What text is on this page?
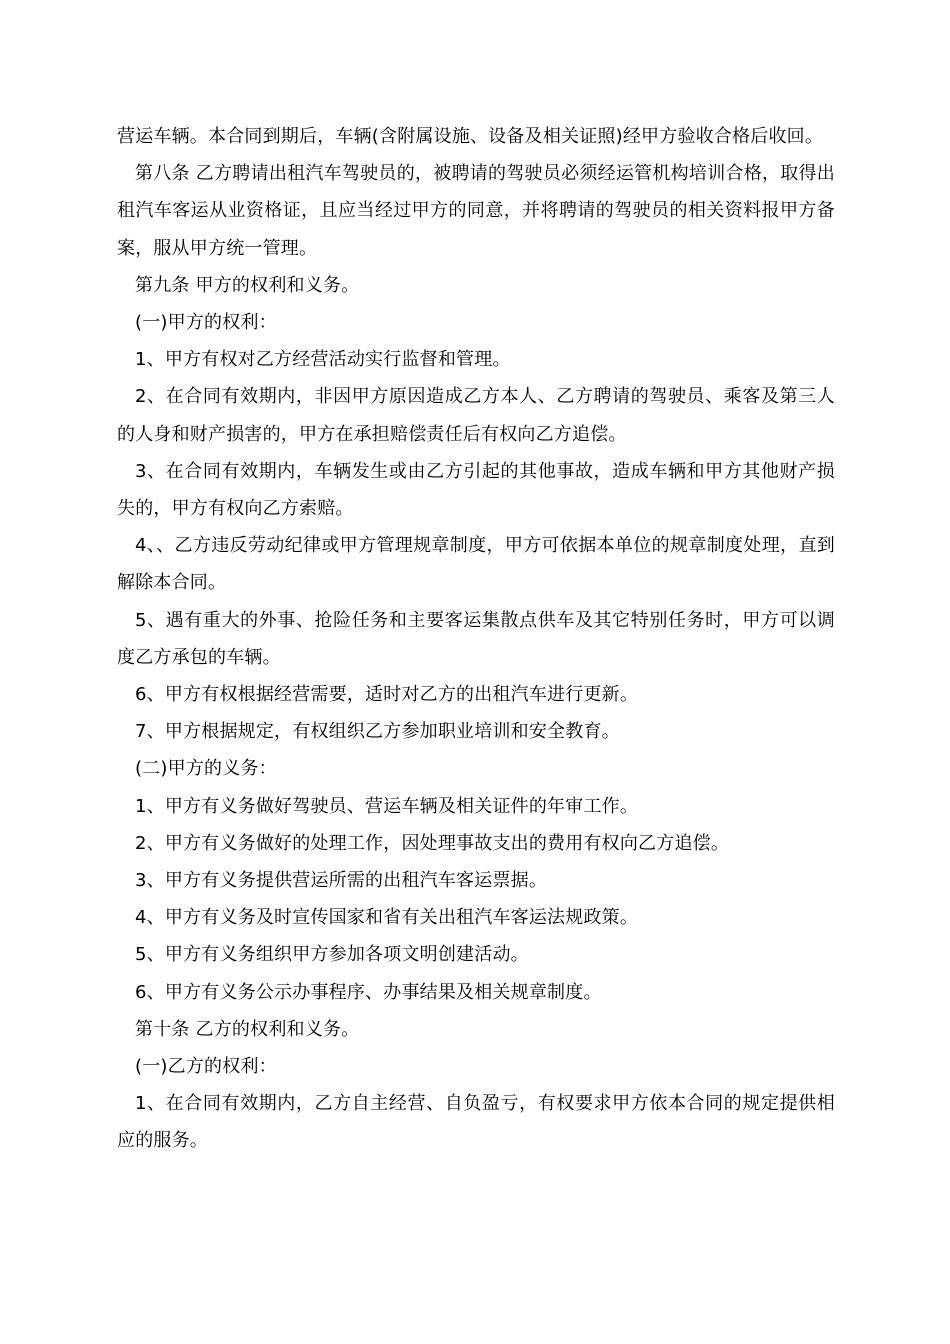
营运车辆。本合同到期后，车辆(含附属设施、设备及相关证照)经甲方验收合格后收回。

第八条 乙方聘请出租汽车驾驶员的，被聘请的驾驶员必须经运管机构培训合格，取得出租汽车客运从业资格证，且应当经过甲方的同意，并将聘请的驾驶员的相关资料报甲方备案，服从甲方统一管理。

第九条 甲方的权利和义务。

(一)甲方的权利：

1、甲方有权对乙方经营活动实行监督和管理。

2、在合同有效期内，非因甲方原因造成乙方本人、乙方聘请的驾驶员、乘客及第三人的人身和财产损害的，甲方在承担赔偿责任后有权向乙方追偿。

3、在合同有效期内，车辆发生或由乙方引起的其他事故，造成车辆和甲方其他财产损失的，甲方有权向乙方索赔。

4、、乙方违反劳动纪律或甲方管理规章制度，甲方可依据本单位的规章制度处理，直到解除本合同。

5、遇有重大的外事、抢险任务和主要客运集散点供车及其它特别任务时，甲方可以调度乙方承包的车辆。

6、甲方有权根据经营需要，适时对乙方的出租汽车进行更新。

7、甲方根据规定，有权组织乙方参加职业培训和安全教育。

(二)甲方的义务：

1、甲方有义务做好驾驶员、营运车辆及相关证件的年审工作。

2、甲方有义务做好的处理工作，因处理事故支出的费用有权向乙方追偿。

3、甲方有义务提供营运所需的出租汽车客运票据。

4、甲方有义务及时宣传国家和省有关出租汽车客运法规政策。

5、甲方有义务组织甲方参加各项文明创建活动。

6、甲方有义务公示办事程序、办事结果及相关规章制度。

第十条 乙方的权利和义务。

(一)乙方的权利：

1、在合同有效期内，乙方自主经营、自负盈亏，有权要求甲方依本合同的规定提供相应的服务。
